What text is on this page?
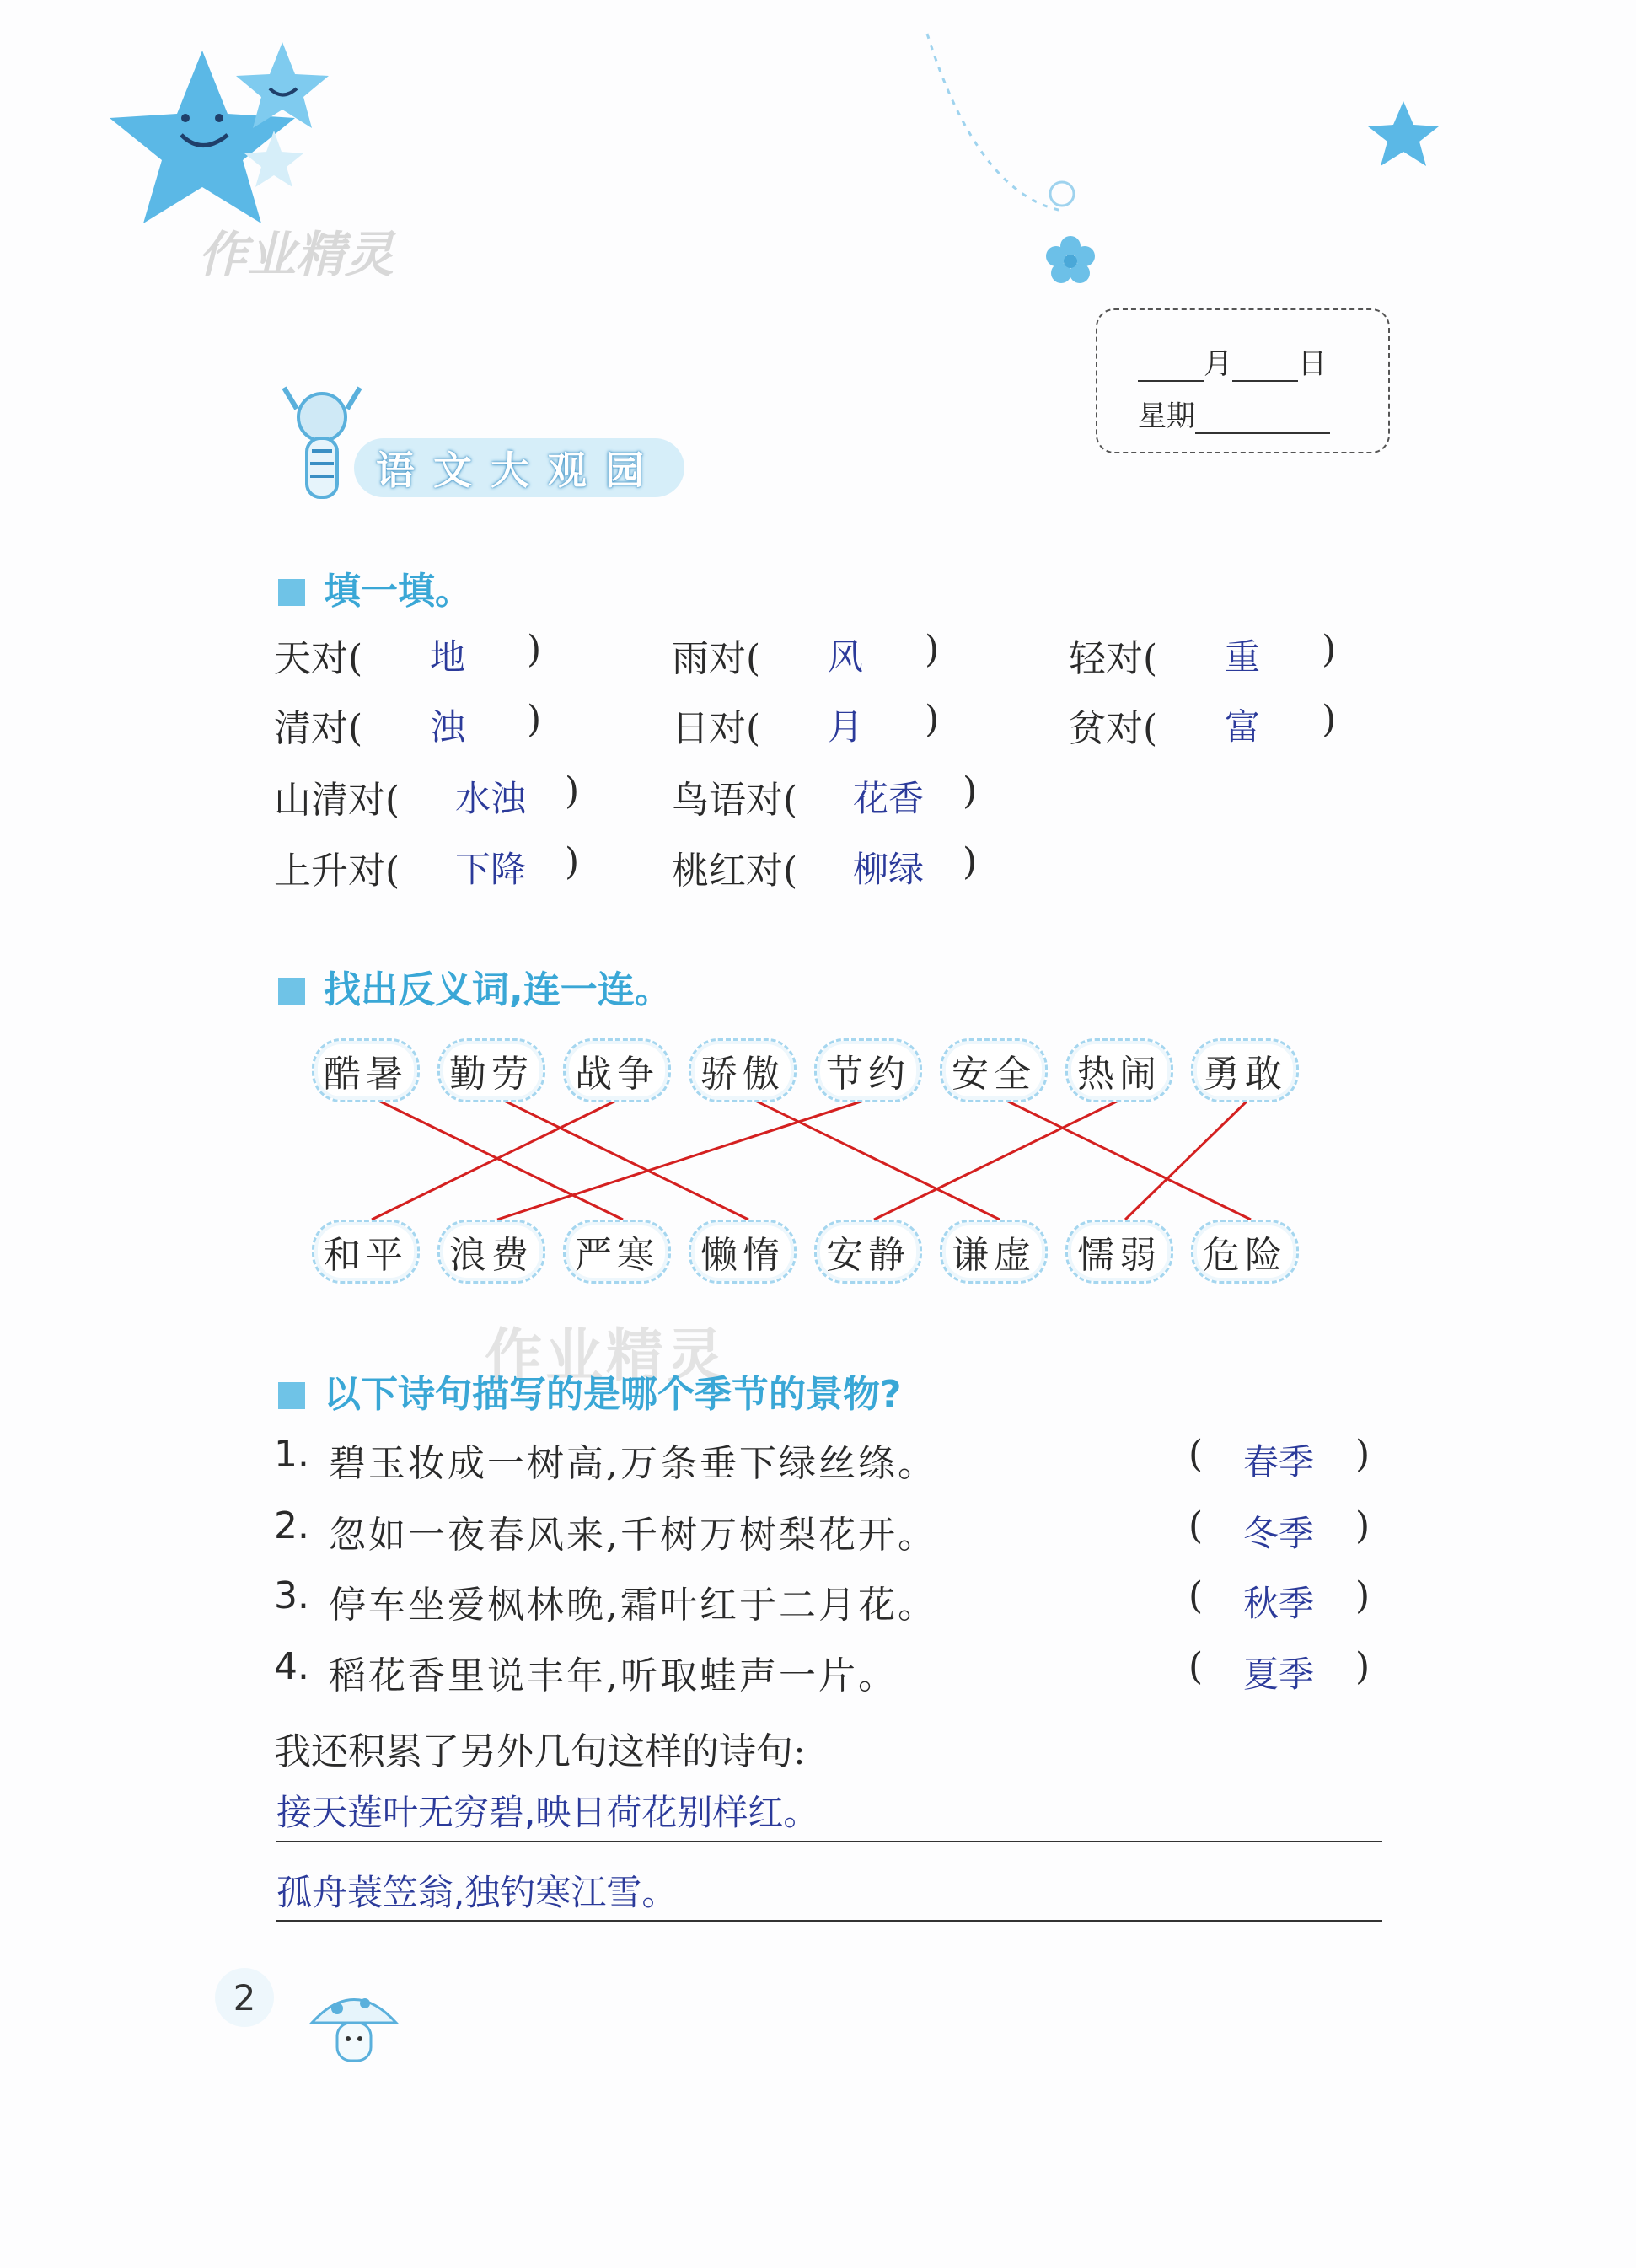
作业精灵
月 日
星期
语文大观园
填一填。
天对( 地 )	雨对( 风 )	轻对( 重 )
清对( 浊 )	日对( 月 )	贫对( 富 )
山清对( 水浊 ) 鸟语对( 花香 )
上升对( 下降 ) 桃红对( 柳绿 )
找出反义词,连一连。
酷暑	勤劳	战争	骄傲	节约	安全	热闹	勇敢
和平	浪费	严寒	懒惰	安静	谦虚	懦弱	危险
作业精灵
以下诗句描写的是哪个季节的景物?
1. 碧玉妆成一树高,万条垂下绿丝绦。	( 春季 )
2. 忽如一夜春风来,千树万树梨花开。	( 冬季 )
3. 停车坐爱枫林晚,霜叶红于二月花。	( 秋季 )
4. 稻花香里说丰年,听取蛙声一片。	( 夏季 )
我还积累了另外几句这样的诗句:
接天莲叶无穷碧,映日荷花别样红。
孤舟蓑笠翁,独钓寒江雪。
2
